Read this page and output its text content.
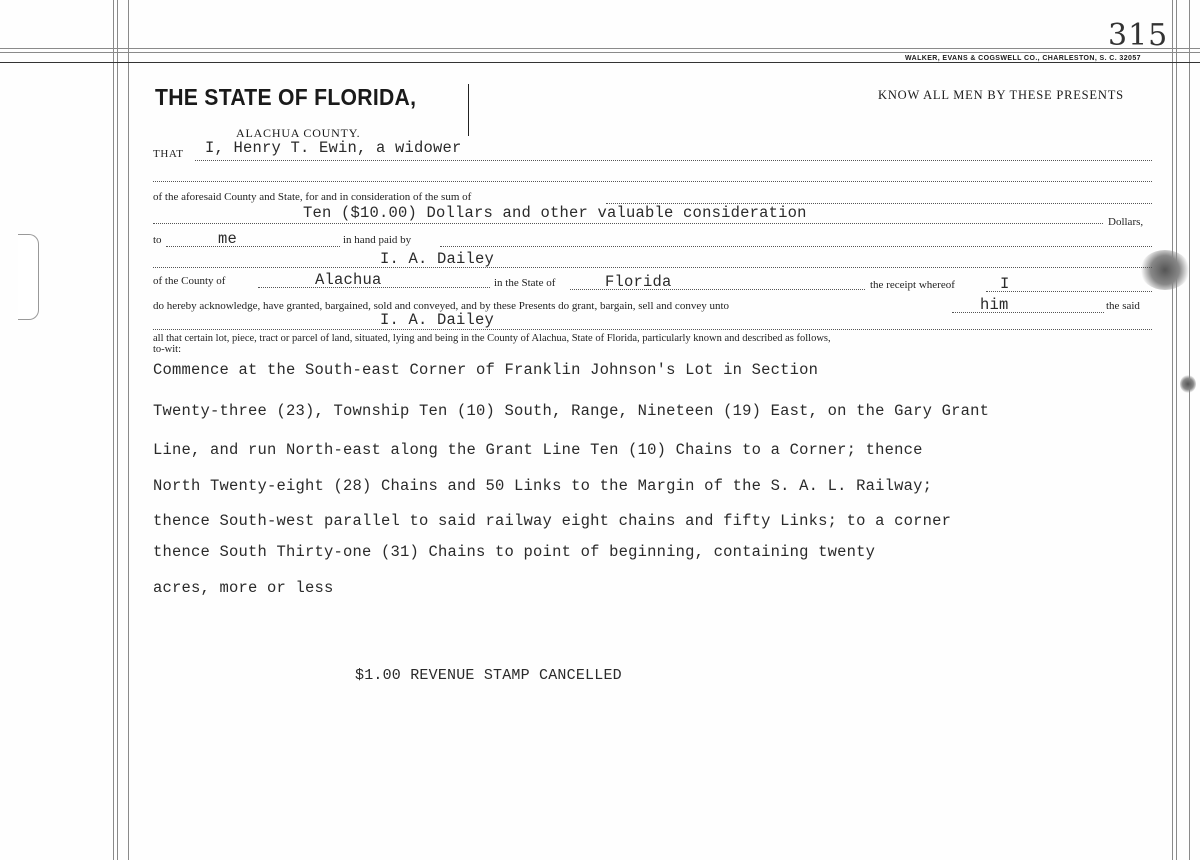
315
WALKER, EVANS & COGSWELL CO., CHARLESTON, S. C. 32057
THE STATE OF FLORIDA,
ALACHUA COUNTY.
KNOW ALL MEN BY THESE PRESENTS
THAT I, Henry T. Ewin, a widower
of the aforesaid County and State, for and in consideration of the sum of
Ten ($10.00) Dollars and other valuable consideration	Dollars,
to	me	in hand paid by
I. A. Dailey
of the County of	Alachua	in the State of	Florida	the receipt whereof	I
do hereby acknowledge, have granted, bargained, sold and conveyed, and by these Presents do grant, bargain, sell and convey unto	him	the said
I. A. Dailey
all that certain lot, piece, tract or parcel of land, situated, lying and being in the County of Alachua, State of Florida, particularly known and described as follows,
to-wit:
Commence at the South-east Corner of Franklin Johnson's Lot in Section
Twenty-three (23), Township Ten (10) South, Range, Nineteen (19) East, on the Gary Grant
Line, and run North-east along the Grant Line Ten (10) Chains to a Corner; thence
North Twenty-eight (28) Chains and 50 Links to the Margin of the S. A. L. Railway;
thence South-west parallel to said railway eight chains and fifty Links; to a corner
thence South Thirty-one (31) Chains to point of beginning, containing twenty
acres, more or less
$1.00 REVENUE STAMP CANCELLED
